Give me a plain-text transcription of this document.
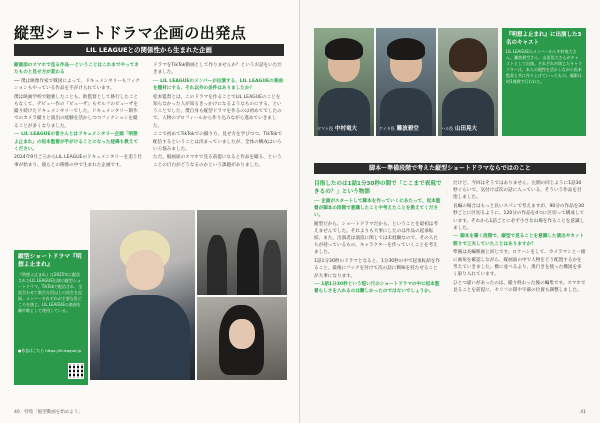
縦型ショートドラマ企画の出発点
LIL LEAGUEとの関係性から生まれた企画

縦画面のスマホで見る作品──ということはこれまでやってきたものと見せ方が変わる

── 僕は映像作家で戦国によって、ドキュメンタリーもフィクションもやっている作品を手がけられています。

僕は映画学校で勉強したことも、助監督として修行したこともなくて、デビュー作の『ビューザ』もセルフのビューザを撮り続けたドキュメンタリーでした。ドキュメンタリー制作でのカメラ撮りと演出の経験を活かしつつフィクションを撮ることが多くなりました。

── LIL LEAGUEの皆さんとはドキュメンタリー企画「明想よ止まれ」の松本監督が手がけることになった経緯も教えてください。

2024年9月ごろからLIL LEAGUEのドキュメンタリーを追う仕事が始まり、彼らとの関係の中で生まれた企画です。

ドラマをTikTok動画として作りませんか？というお話をいただきました。

── LIL LEAGUEのメンバーが出演する、LIL LEAGUEの楽曲を題材にする、それ以外の条件はありましたか？

松本監督とは、このドラマを作ることでLIL LEAGUEのことを知らなかった人が知るきっかけになるようなものにする、ということでした。僕自身も縦型ドラマを作るのは初めてでしたので、人物のプロフィールから作り込みながら進めていきました。

ここで初めてTikTokでの撮り方、見せ方を学びつつ、TikTokで配信するということは決まっていましたが、全体の構成はいろいろ悩みました。

ただ、縦画面のスマホで見る前提になると作品を撮る、ということの目白がどうなるのかという課題がありました。

縦型ショートドラマ『明想よ止まれ』
『明想よ止まれ』は2025年に配信されたLIL LEAGUE出演の縦型ショートドラマ。TikTokで配信され、全話合わせて数百万回以上の再生を記録。メンバーそれぞれが主要な役どころを演じ、LIL LEAGUEの楽曲を劇中歌として使用している。
●作品はこちら https://lil-league.jp
40　特集「縦型動画を始めよう」
ヤマト役 中村竜大	ケイタ役 難波碧空	ハル役 山田晃大
『明想よ止まれ』に出演した3名のキャスト
LIL LEAGUEのメンバーから中村竜大さん、難波碧空さん、山田晃大さんがキャストとして出演。それぞれが演じたキャラクターは、本人の個性を活かしながら松本監督と共に作り上げていったもの。撮影は約1週間で行われた。
脚本〜準備段階で考えた縦型ショートドラマならではのこと

目指したのは1話1分30秒の間で「ここまで表現できるの？」という物語

── 企画がスタートして脚本を作っていくにあたって、松本監督が脚本の段階で意識したことや考えたことを教えてください。

縦型だから、ショートドラマだから、ということを最初は考えませんでした。それよりも大事にしたのは作品の起承転結。また、出演者は演技に関しては未経験なので、その人たちが持っているもの、キャラクターを作っていくことを考えました。

1話1分30秒のドラマとなると、1分30秒の中で起承転結を作ること、最後にフックを付けて次の話に興味を持たせることが大事になります。

── 1話1分30秒という短い尺のショートドラマの中に松本監督らしさを入れるのは難しかったのではないでしょうか。

だけど、今回はそうではありません。左側の同じように1話30秒ぐらいで、気付けば次の話に入っている、そういう作品を目指しました。

長編の場合はもっと長いスパンで考えますが、90分の作品を30秒ごとに区切るように、120分の作品を4つに区切って構成しています。それから1話ごとに必ず小さな山場を作ることを意識しました。

── 脚本を書く段階で、縦型で見ることを意識した演出やカット割りで工夫していたことはありますか？

準備は長編映画と同じです。ロケハンをして、カメラマンと一緒に画角を確認しながら、縦画面の中で人物をどう配置するかを考えていきました。横に並べるより、奥行きを使った構図を多く取り入れています。

ひとつ違いがあったのは、撮り終わった後の編集です。スマホで見ることを前提に、セリフの間や字幕の位置も調整しました。

41
